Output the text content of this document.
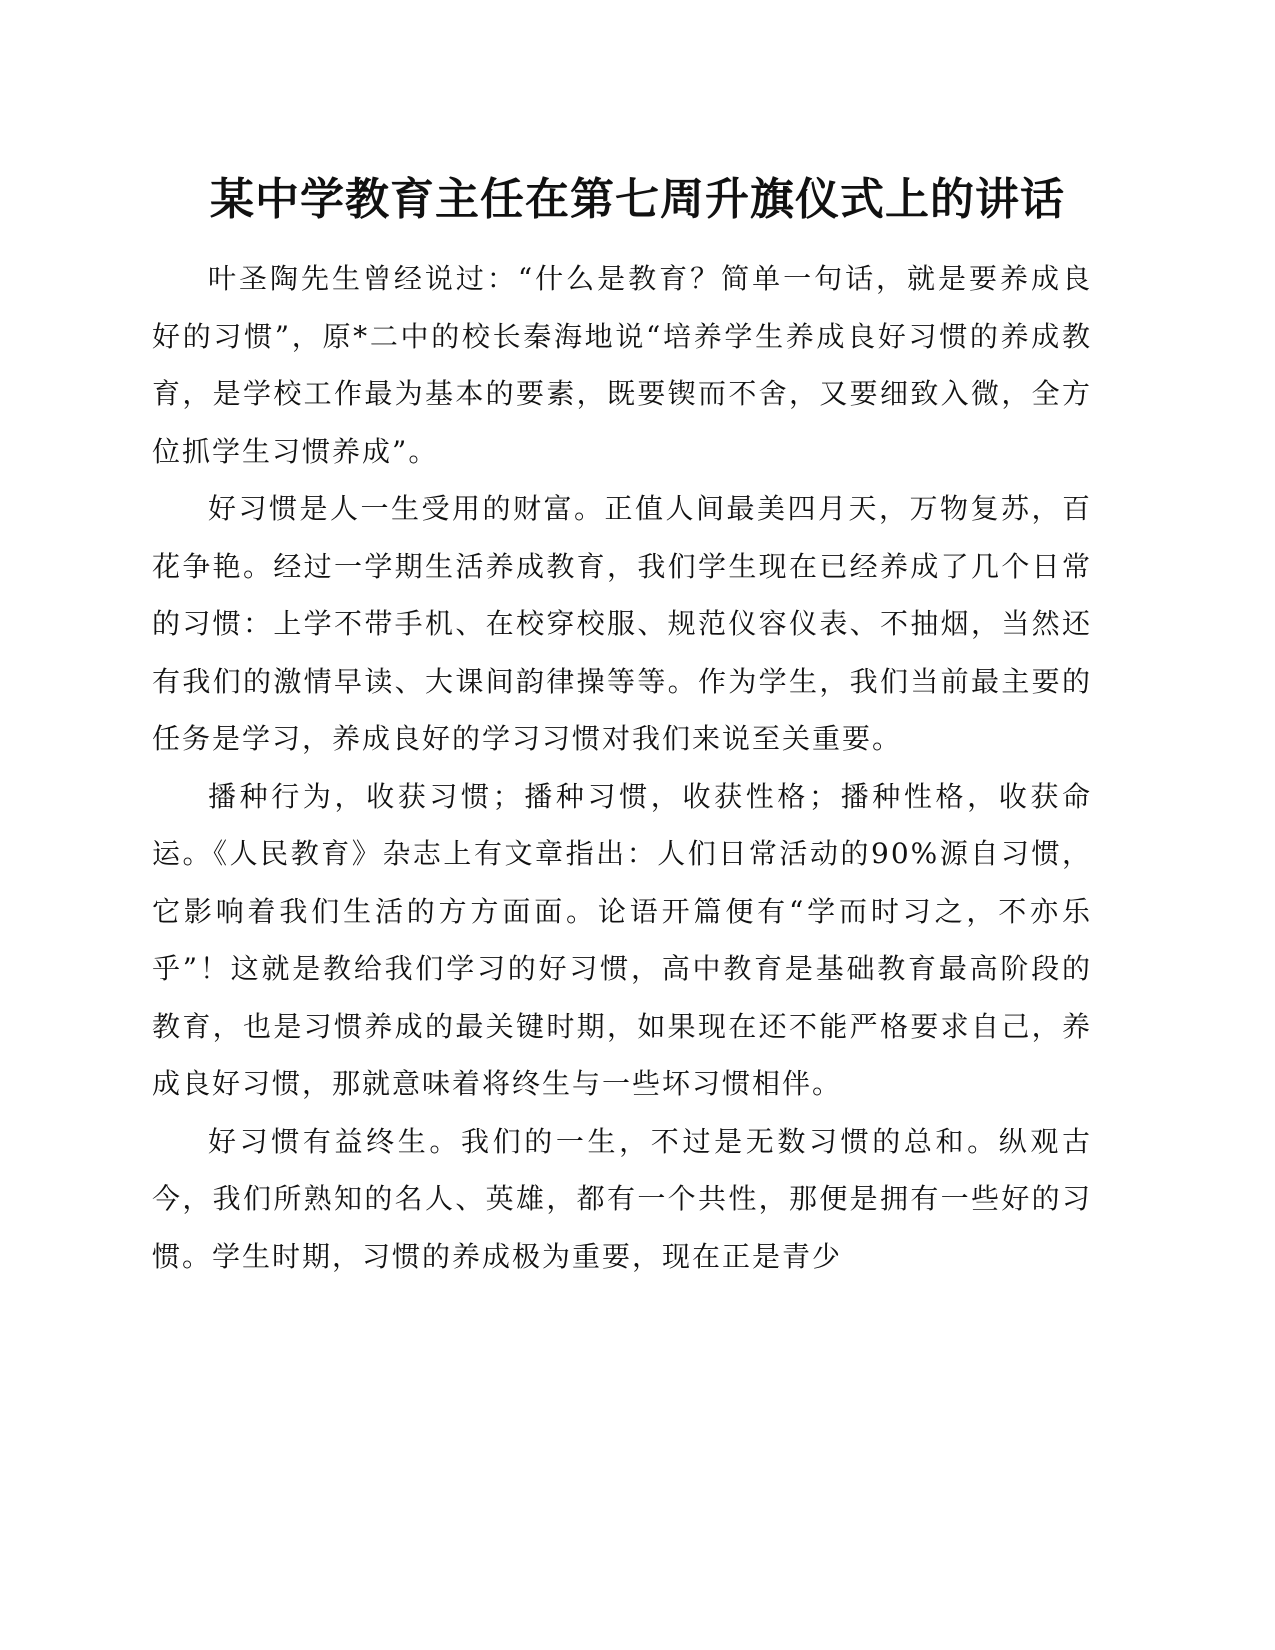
某中学教育主任在第七周升旗仪式上的讲话

叶圣陶先生曾经说过：“什么是教育？简单一句话，就是要养成良好的习惯”，原*二中的校长秦海地说“培养学生养成良好习惯的养成教育，是学校工作最为基本的要素，既要锲而不舍，又要细致入微，全方位抓学生习惯养成”。

好习惯是人一生受用的财富。正值人间最美四月天，万物复苏，百花争艳。经过一学期生活养成教育，我们学生现在已经养成了几个日常的习惯：上学不带手机、在校穿校服、规范仪容仪表、不抽烟，当然还有我们的激情早读、大课间韵律操等等。作为学生，我们当前最主要的任务是学习，养成良好的学习习惯对我们来说至关重要。

播种行为，收获习惯；播种习惯，收获性格；播种性格，收获命运。《人民教育》杂志上有文章指出：人们日常活动的90%源自习惯，它影响着我们生活的方方面面。论语开篇便有“学而时习之，不亦乐乎”！这就是教给我们学习的好习惯，高中教育是基础教育最高阶段的教育，也是习惯养成的最关键时期，如果现在还不能严格要求自己，养成良好习惯，那就意味着将终生与一些坏习惯相伴。

好习惯有益终生。我们的一生，不过是无数习惯的总和。纵观古今，我们所熟知的名人、英雄，都有一个共性，那便是拥有一些好的习惯。学生时期，习惯的养成极为重要，现在正是青少
